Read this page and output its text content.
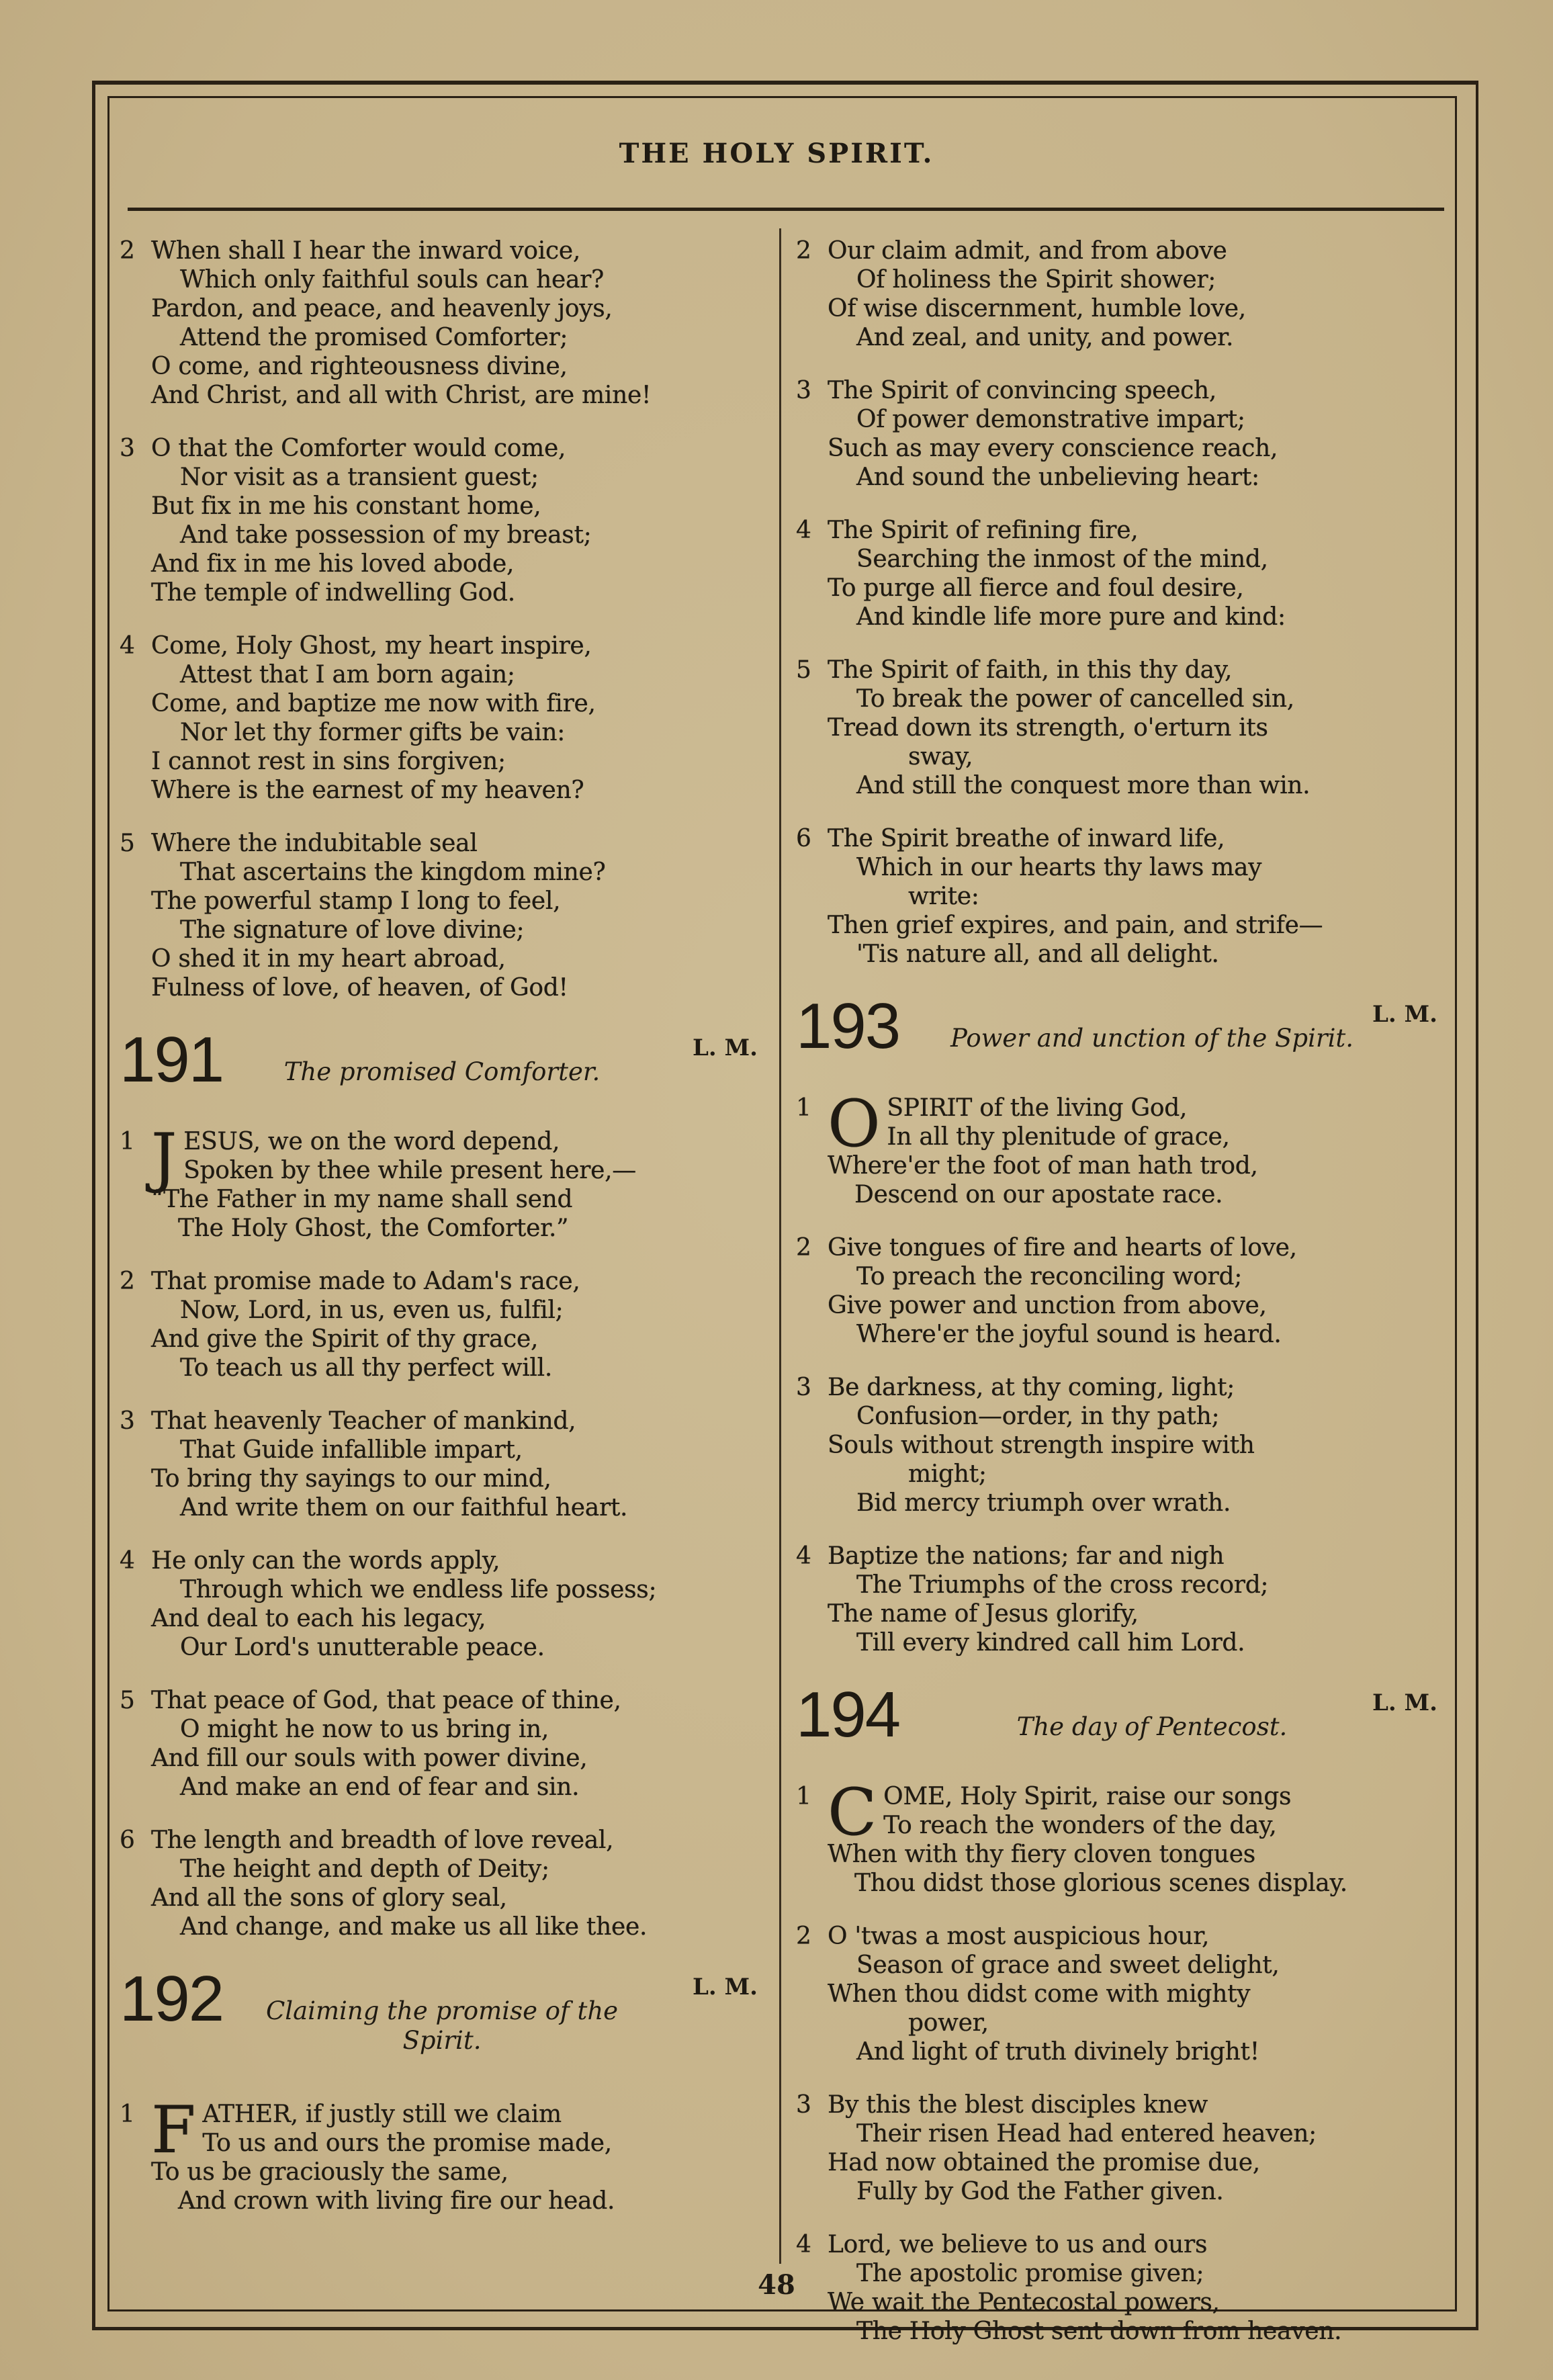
THE HOLY SPIRIT.
2 When shall I hear the inward voice,
Which only faithful souls can hear?
Pardon, and peace, and heavenly joys,
Attend the promised Comforter;
O come, and righteousness divine,
And Christ, and all with Christ, are mine!
3 O that the Comforter would come,
Nor visit as a transient guest;
But fix in me his constant home,
And take possession of my breast;
And fix in me his loved abode,
The temple of indwelling God.
4 Come, Holy Ghost, my heart inspire,
Attest that I am born again;
Come, and baptize me now with fire,
Nor let thy former gifts be vain:
I cannot rest in sins forgiven;
Where is the earnest of my heaven?
5 Where the indubitable seal
That ascertains the kingdom mine?
The powerful stamp I long to feel,
The signature of love divine;
O shed it in my heart abroad,
Fulness of love, of heaven, of God!
191	The promised Comforter.
L. M.
1 J ESUS, we on the word depend,
Spoken by thee while present here,—
“The Father in my name shall send
The Holy Ghost, the Comforter.”
2 That promise made to Adam's race,
Now, Lord, in us, even us, fulfil;
And give the Spirit of thy grace,
To teach us all thy perfect will.
3 That heavenly Teacher of mankind,
That Guide infallible impart,
To bring thy sayings to our mind,
And write them on our faithful heart.
4 He only can the words apply,
Through which we endless life possess;
And deal to each his legacy,
Our Lord's unutterable peace.
5 That peace of God, that peace of thine,
O might he now to us bring in,
And fill our souls with power divine,
And make an end of fear and sin.
6 The length and breadth of love reveal,
The height and depth of Deity;
And all the sons of glory seal,
And change, and make us all like thee.
192	Claiming the promise of the Spirit.
L. M.
1 F ATHER, if justly still we claim
To us and ours the promise made,
To us be graciously the same,
And crown with living fire our head.
2 Our claim admit, and from above
Of holiness the Spirit shower;
Of wise discernment, humble love,
And zeal, and unity, and power.
3 The Spirit of convincing speech,
Of power demonstrative impart;
Such as may every conscience reach,
And sound the unbelieving heart:
4 The Spirit of refining fire,
Searching the inmost of the mind,
To purge all fierce and foul desire,
And kindle life more pure and kind:
5 The Spirit of faith, in this thy day,
To break the power of cancelled sin,
Tread down its strength, o'erturn its
sway,
And still the conquest more than win.
6 The Spirit breathe of inward life,
Which in our hearts thy laws may
write:
Then grief expires, and pain, and strife—
'Tis nature all, and all delight.
193	Power and unction of the Spirit.
L. M.
1 O SPIRIT of the living God,
In all thy plenitude of grace,
Where'er the foot of man hath trod,
Descend on our apostate race.
2 Give tongues of fire and hearts of love,
To preach the reconciling word;
Give power and unction from above,
Where'er the joyful sound is heard.
3 Be darkness, at thy coming, light;
Confusion—order, in thy path;
Souls without strength inspire with
might;
Bid mercy triumph over wrath.
4 Baptize the nations; far and nigh
The Triumphs of the cross record;
The name of Jesus glorify,
Till every kindred call him Lord.
194	The day of Pentecost.
L. M.
1 C OME, Holy Spirit, raise our songs
To reach the wonders of the day,
When with thy fiery cloven tongues
Thou didst those glorious scenes display.
2 O 'twas a most auspicious hour,
Season of grace and sweet delight,
When thou didst come with mighty
power,
And light of truth divinely bright!
3 By this the blest disciples knew
Their risen Head had entered heaven;
Had now obtained the promise due,
Fully by God the Father given.
4 Lord, we believe to us and ours
The apostolic promise given;
We wait the Pentecostal powers,
The Holy Ghost sent down from heaven.
48
